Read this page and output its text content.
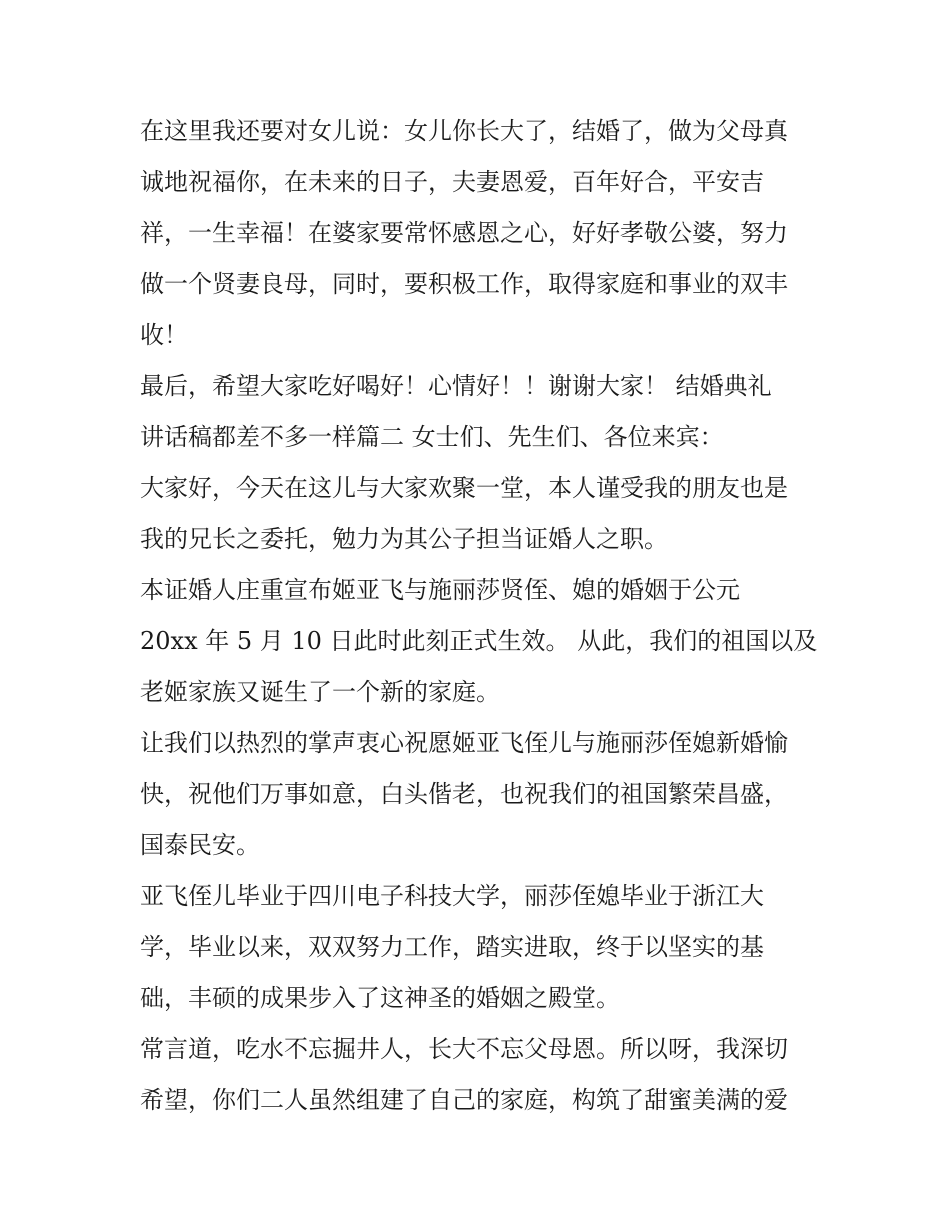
在这里我还要对女儿说：女儿你长大了，结婚了，做为父母真
诚地祝福你，在未来的日子，夫妻恩爱，百年好合，平安吉
祥，一生幸福！在婆家要常怀感恩之心，好好孝敬公婆，努力
做一个贤妻良母，同时，要积极工作，取得家庭和事业的双丰
收！
最后，希望大家吃好喝好！心情好！！谢谢大家！ 结婚典礼
讲话稿都差不多一样篇二 女士们、先生们、各位来宾：
大家好，今天在这儿与大家欢聚一堂，本人谨受我的朋友也是
我的兄长之委托，勉力为其公子担当证婚人之职。
本证婚人庄重宣布姬亚飞与施丽莎贤侄、媳的婚姻于公元
20xx 年 5 月 10 日此时此刻正式生效。 从此，我们的祖国以及
老姬家族又诞生了一个新的家庭。
让我们以热烈的掌声衷心祝愿姬亚飞侄儿与施丽莎侄媳新婚愉
快，祝他们万事如意，白头偕老，也祝我们的祖国繁荣昌盛，
国泰民安。
亚飞侄儿毕业于四川电子科技大学，丽莎侄媳毕业于浙江大
学，毕业以来，双双努力工作，踏实进取，终于以坚实的基
础，丰硕的成果步入了这神圣的婚姻之殿堂。
常言道，吃水不忘掘井人，长大不忘父母恩。所以呀，我深切
希望，你们二人虽然组建了自己的家庭，构筑了甜蜜美满的爱
